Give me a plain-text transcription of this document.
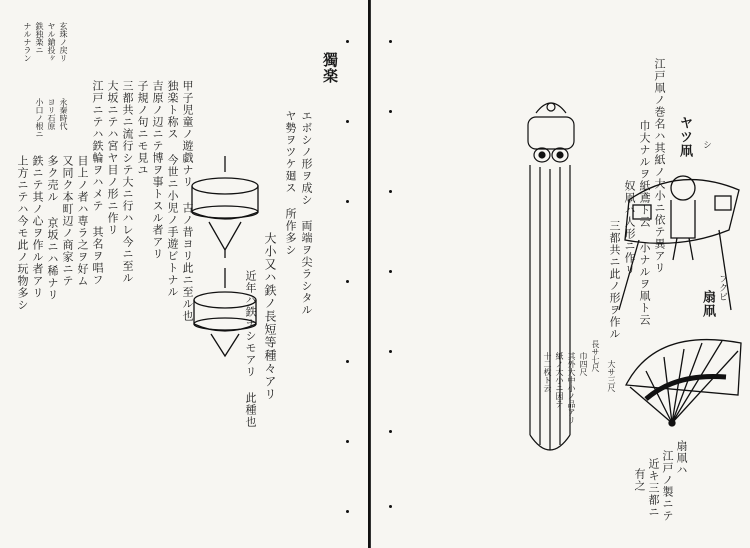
玄珠ノ戻リ
ヤル鎗投ヶ
鉄独楽ニ
ナルナラン
永秦時代
ヨリ石原
小口ノ根ニ
獨楽
エボシノ形ヲ成シ 両端ヲ尖ラシタル
ヤ勢ヲツケ廻ス 所作多シ
大小又ハ鉄ノ長短等種々アリ
近年ハ鉄ナシモアリ 此種也
上方ニテハ今モ此ノ玩物多シ 鉄ニテ其ノ心ヲ作ル者アリ 多ク売ル 京坂ニハ稀ナリ 又同ク本町辺ノ商家ニテ 目上ノ者ハ専ラ之ヲ好ム 江戸ニテハ鉄輪ヲハメテ 其名ヲ唱フ 大坂ニテハ宮ヤ目ノ形ニ作リ 三都共ニ流行シテ大ニ行ハレ今ニ至ル 子規ノ句ニモ見ユ 吉原ノ辺ニテ博ヲ事トスル者アリ 独楽ト称ス 今世ニ小児ノ手遊ビトナル 甲子児童ノ遊戯ナリ 古ノ昔ヨリ此ニ至ル也	ヤツ凧 シ
扇凧
フクビ
扇凧ハ
江戸ノ製ニテ
近キ三都ニ
有之
江戸凧ノ巻名ハ其紙ノ大小ニ依テ異アリ
巾大ナルヲ紙鳶ト云 小ナルヲ凧ト云
奴凧ハ人形ニ作リ
三都共ニ此ノ形ヲ作ル
長サ七尺
巾四尺
其外大中小ノ品アリ	大サ三尺
紙ノ大小ニ因テ
十二枚ト云
